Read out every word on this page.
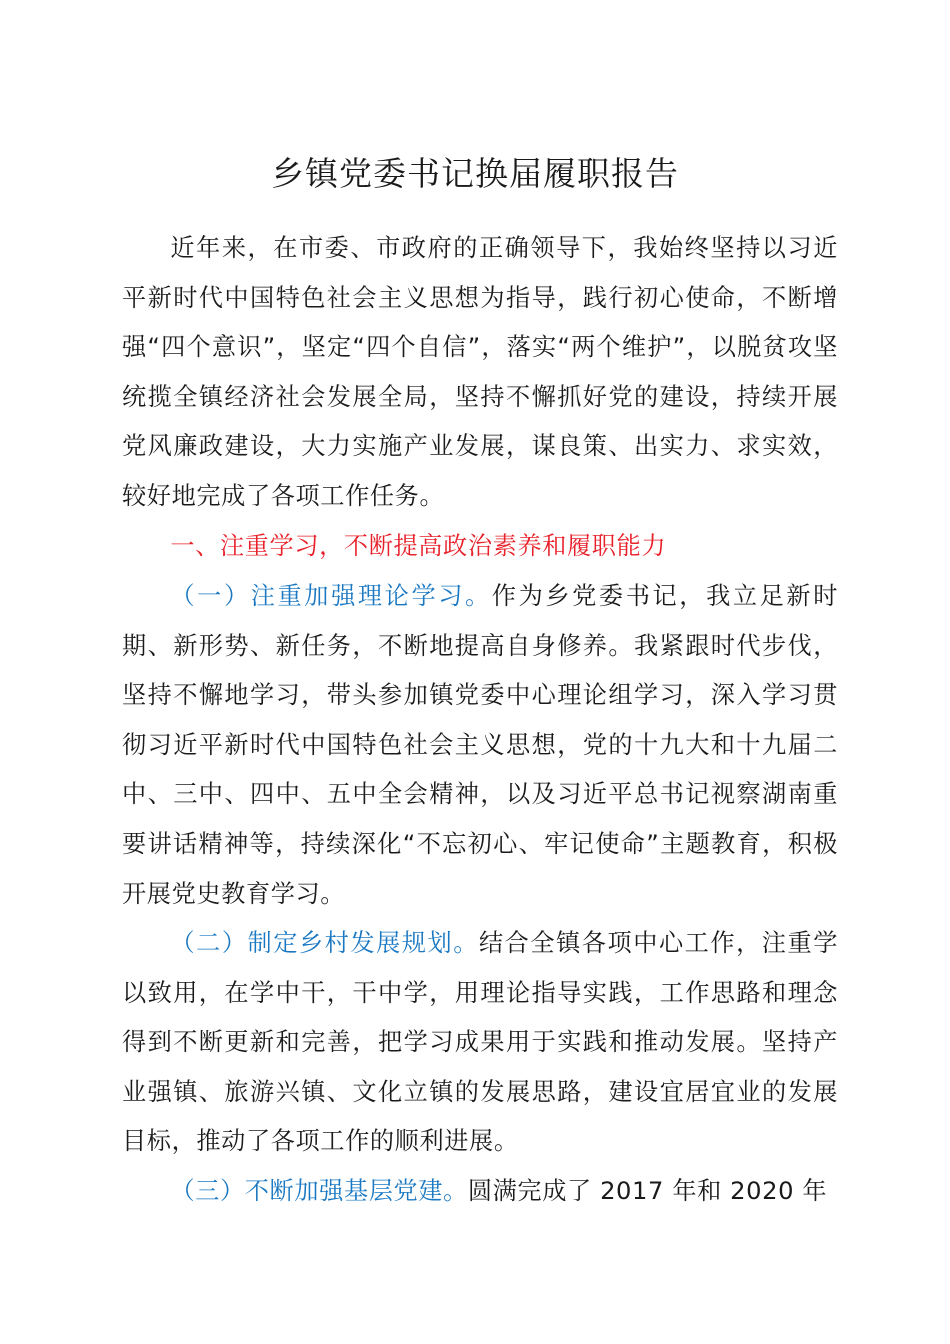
乡镇党委书记换届履职报告

近年来，在市委、市政府的正确领导下，我始终坚持以习近平新时代中国特色社会主义思想为指导，践行初心使命，不断增强“四个意识”，坚定“四个自信”，落实“两个维护”，以脱贫攻坚统揽全镇经济社会发展全局，坚持不懈抓好党的建设，持续开展党风廉政建设，大力实施产业发展，谋良策、出实力、求实效，较好地完成了各项工作任务。

一、注重学习，不断提高政治素养和履职能力

（一）注重加强理论学习。作为乡党委书记，我立足新时期、新形势、新任务，不断地提高自身修养。我紧跟时代步伐，坚持不懈地学习，带头参加镇党委中心理论组学习，深入学习贯彻习近平新时代中国特色社会主义思想，党的十九大和十九届二中、三中、四中、五中全会精神，以及习近平总书记视察湖南重要讲话精神等，持续深化“不忘初心、牢记使命”主题教育，积极开展党史教育学习。

（二）制定乡村发展规划。结合全镇各项中心工作，注重学以致用，在学中干，干中学，用理论指导实践，工作思路和理念得到不断更新和完善，把学习成果用于实践和推动发展。坚持产业强镇、旅游兴镇、文化立镇的发展思路，建设宜居宜业的发展目标，推动了各项工作的顺利进展。

（三）不断加强基层党建。圆满完成了 2017 年和 2020 年
